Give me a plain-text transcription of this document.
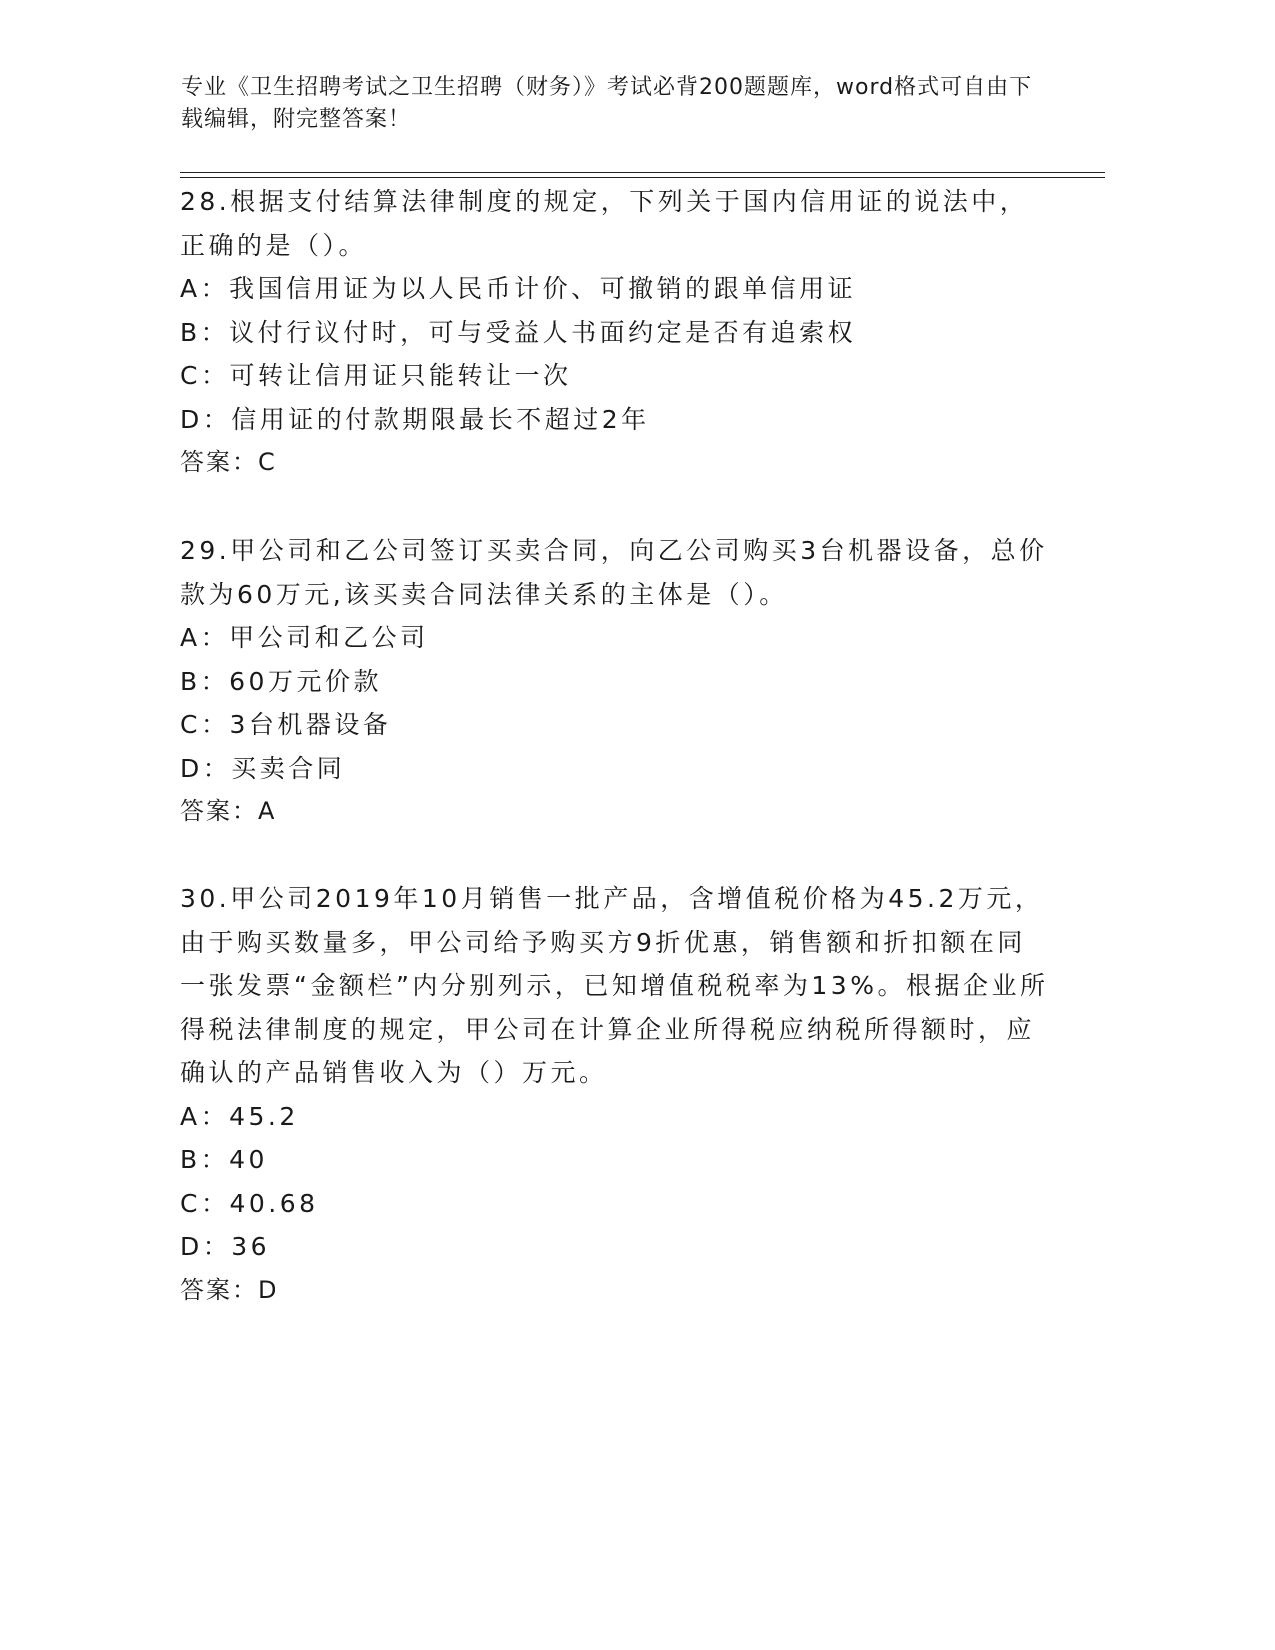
专业《卫生招聘考试之卫生招聘（财务）》考试必背200题题库，word格式可自由下载编辑，附完整答案！

28.根据支付结算法律制度的规定，下列关于国内信用证的说法中，正确的是（）。

A：我国信用证为以人民币计价、可撤销的跟单信用证

B：议付行议付时，可与受益人书面约定是否有追索权

C：可转让信用证只能转让一次

D：信用证的付款期限最长不超过2年

答案：C

29.甲公司和乙公司签订买卖合同，向乙公司购买3台机器设备，总价款为60万元,该买卖合同法律关系的主体是（）。

A：甲公司和乙公司

B：60万元价款

C：3台机器设备

D：买卖合同

答案：A

30.甲公司2019年10月销售一批产品，含增值税价格为45.2万元，由于购买数量多，甲公司给予购买方9折优惠，销售额和折扣额在同一张发票“金额栏”内分别列示，已知增值税税率为13%。根据企业所得税法律制度的规定，甲公司在计算企业所得税应纳税所得额时，应确认的产品销售收入为（）万元。

A：45.2

B：40

C：40.68

D：36

答案：D
